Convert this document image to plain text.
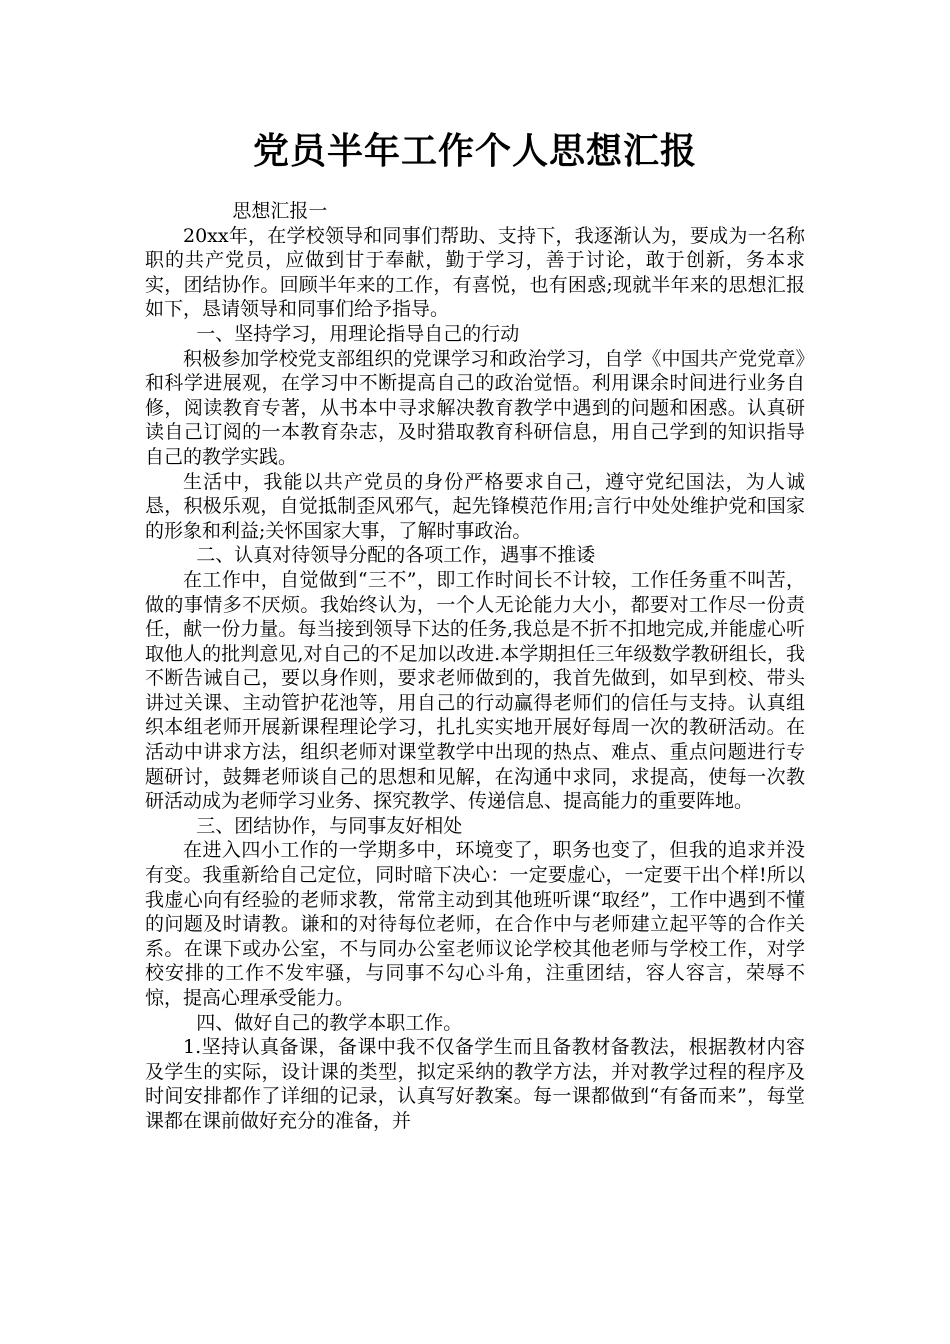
党员半年工作个人思想汇报

思想汇报一

20xx年，在学校领导和同事们帮助、支持下，我逐渐认为，要成为一名称职的共产党员，应做到甘于奉献，勤于学习，善于讨论，敢于创新，务本求实，团结协作。回顾半年来的工作，有喜悦，也有困惑;现就半年来的思想汇报如下，恳请领导和同事们给予指导。

一、坚持学习，用理论指导自己的行动

积极参加学校党支部组织的党课学习和政治学习，自学《中国共产党党章》和科学进展观，在学习中不断提高自己的政治觉悟。利用课余时间进行业务自修，阅读教育专著，从书本中寻求解决教育教学中遇到的问题和困惑。认真研读自己订阅的一本教育杂志，及时猎取教育科研信息，用自己学到的知识指导自己的教学实践。

生活中，我能以共产党员的身份严格要求自己，遵守党纪国法，为人诚恳，积极乐观，自觉抵制歪风邪气，起先锋模范作用;言行中处处维护党和国家的形象和利益;关怀国家大事，了解时事政治。

二、认真对待领导分配的各项工作，遇事不推诿

在工作中，自觉做到“三不”，即工作时间长不计较，工作任务重不叫苦，做的事情多不厌烦。我始终认为，一个人无论能力大小，都要对工作尽一份责任，献一份力量。每当接到领导下达的任务,我总是不折不扣地完成,并能虚心听取他人的批判意见,对自己的不足加以改进.本学期担任三年级数学教研组长，我不断告诫自己，要以身作则，要求老师做到的，我首先做到，如早到校、带头讲过关课、主动管护花池等，用自己的行动赢得老师们的信任与支持。认真组织本组老师开展新课程理论学习，扎扎实实地开展好每周一次的教研活动。在活动中讲求方法，组织老师对课堂教学中出现的热点、难点、重点问题进行专题研讨，鼓舞老师谈自己的思想和见解，在沟通中求同，求提高，使每一次教研活动成为老师学习业务、探究教学、传递信息、提高能力的重要阵地。

三、团结协作，与同事友好相处

在进入四小工作的一学期多中，环境变了，职务也变了，但我的追求并没有变。我重新给自己定位，同时暗下决心：一定要虚心，一定要干出个样!所以我虚心向有经验的老师求教，常常主动到其他班听课“取经”，工作中遇到不懂的问题及时请教。谦和的对待每位老师，在合作中与老师建立起平等的合作关系。在课下或办公室，不与同办公室老师议论学校其他老师与学校工作，对学校安排的工作不发牢骚，与同事不勾心斗角，注重团结，容人容言，荣辱不惊，提高心理承受能力。

四、做好自己的教学本职工作。

1.坚持认真备课，备课中我不仅备学生而且备教材备教法，根据教材内容及学生的实际，设计课的类型，拟定采纳的教学方法，并对教学过程的程序及时间安排都作了详细的记录，认真写好教案。每一课都做到“有备而来”，每堂课都在课前做好充分的准备，并
